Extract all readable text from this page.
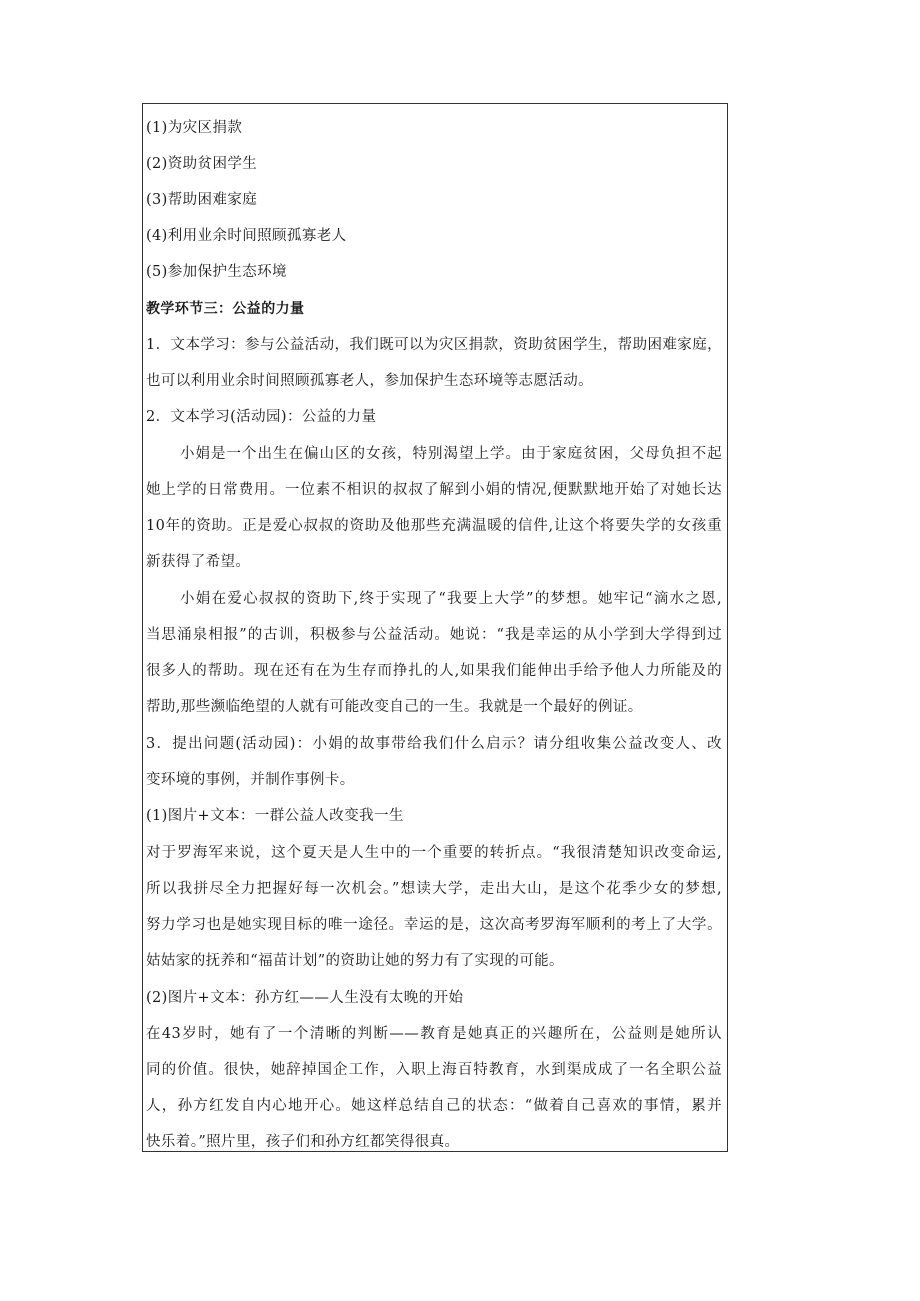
(1)为灾区捐款
(2)资助贫困学生
(3)帮助困难家庭
(4)利用业余时间照顾孤寡老人
(5)参加保护生态环境
教学环节三：公益的力量
1．文本学习：参与公益活动，我们既可以为灾区捐款，资助贫困学生，帮助困难家庭，
也可以利用业余时间照顾孤寡老人，参加保护生态环境等志愿活动。
2．文本学习(活动园)：公益的力量
小娟是一个出生在偏山区的女孩，特别渴望上学。由于家庭贫困，父母负担不起
她上学的日常费用。一位素不相识的叔叔了解到小娟的情况,便默默地开始了对她长达
10年的资助。正是爱心叔叔的资助及他那些充满温暖的信件,让这个将要失学的女孩重
新获得了希望。
小娟在爱心叔叔的资助下,终于实现了“我要上大学”的梦想。她牢记“滴水之恩,
当思涌泉相报”的古训，积极参与公益活动。她说：“我是幸运的从小学到大学得到过
很多人的帮助。现在还有在为生存而挣扎的人,如果我们能伸出手给予他人力所能及的
帮助,那些濒临绝望的人就有可能改变自己的一生。我就是一个最好的例证。
3．提出问题(活动园)：小娟的故事带给我们什么启示？请分组收集公益改变人、改
变环境的事例，并制作事例卡。
(1)图片+文本：一群公益人改变我一生
对于罗海军来说，这个夏天是人生中的一个重要的转折点。“我很清楚知识改变命运,
所以我拼尽全力把握好每一次机会。”想读大学，走出大山，是这个花季少女的梦想,
努力学习也是她实现目标的唯一途径。幸运的是，这次高考罗海军顺利的考上了大学。
姑姑家的抚养和“福苗计划”的资助让她的努力有了实现的可能。
(2)图片+文本：孙方红——人生没有太晚的开始
在43岁时，她有了一个清晰的判断——教育是她真正的兴趣所在，公益则是她所认
同的价值。很快，她辞掉国企工作，入职上海百特教育，水到渠成成了一名全职公益
人，孙方红发自内心地开心。她这样总结自己的状态：“做着自己喜欢的事情，累并
快乐着。”照片里，孩子们和孙方红都笑得很真。
